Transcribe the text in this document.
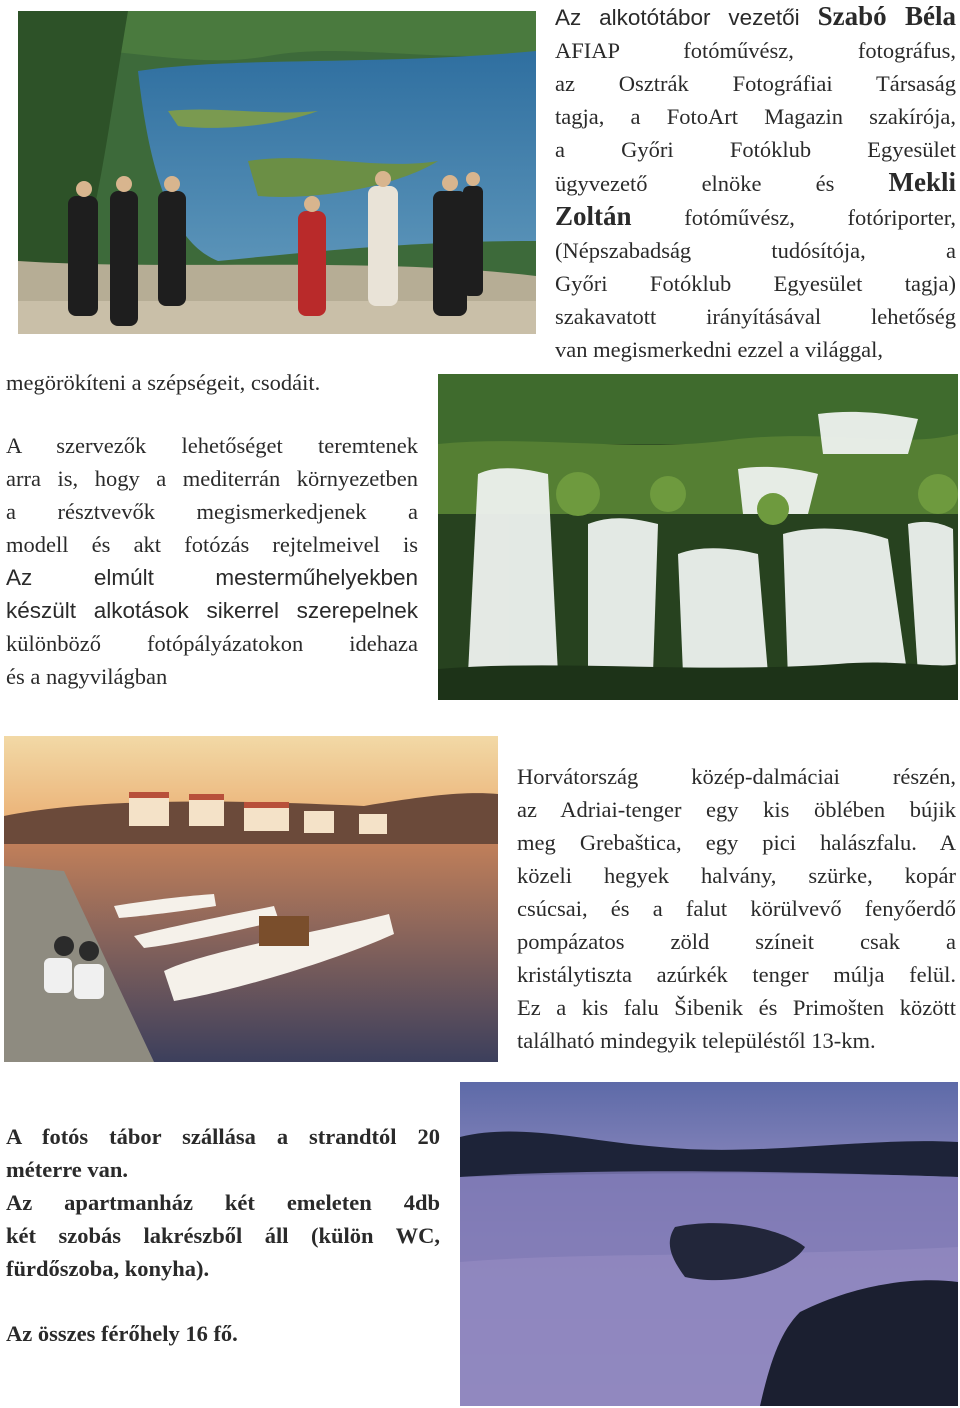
Az alkotótábor vezetői Szabó Béla
AFIAP fotóművész, fotográfus,
az Osztrák Fotográfiai Társaság
tagja, a FotoArt Magazin szakírója,
a Győri Fotóklub Egyesület
ügyvezető elnöke és Mekli
Zoltán fotóművész, fotóriporter,
(Népszabadság tudósítója, a
Győri Fotóklub Egyesület tagja)
szakavatott irányításával lehetőség
van megismerkedni ezzel a világgal,

megörökíteni a szépségeit, csodáit.

A szervezők lehetőséget teremtenek
arra is, hogy a mediterrán környezetben
a résztvevők megismerkedjenek a
modell és akt fotózás rejtelmeivel is
Az elmúlt mesterműhelyekben
készült alkotások sikerrel szerepelnek
különböző fotópályázatokon idehaza
és a nagyvilágban
Horvátország közép-dalmáciai részén,
az Adriai-tenger egy kis öblében bújik
meg Grebaštica, egy pici halászfalu. A
közeli hegyek halvány, szürke, kopár
csúcsai, és a falut körülvevő fenyőerdő
pompázatos zöld színeit csak a
kristálytiszta azúrkék tenger múlja felül.
Ez a kis falu Šibenik és Primošten között
található mindegyik településtől 13-km.
A fotós tábor szállása a strandtól 20
méterre van.
Az apartmanház két emeleten 4db
két szobás lakrészből áll (külön WC,
fürdőszoba, konyha).

Az összes férőhely 16 fő.
